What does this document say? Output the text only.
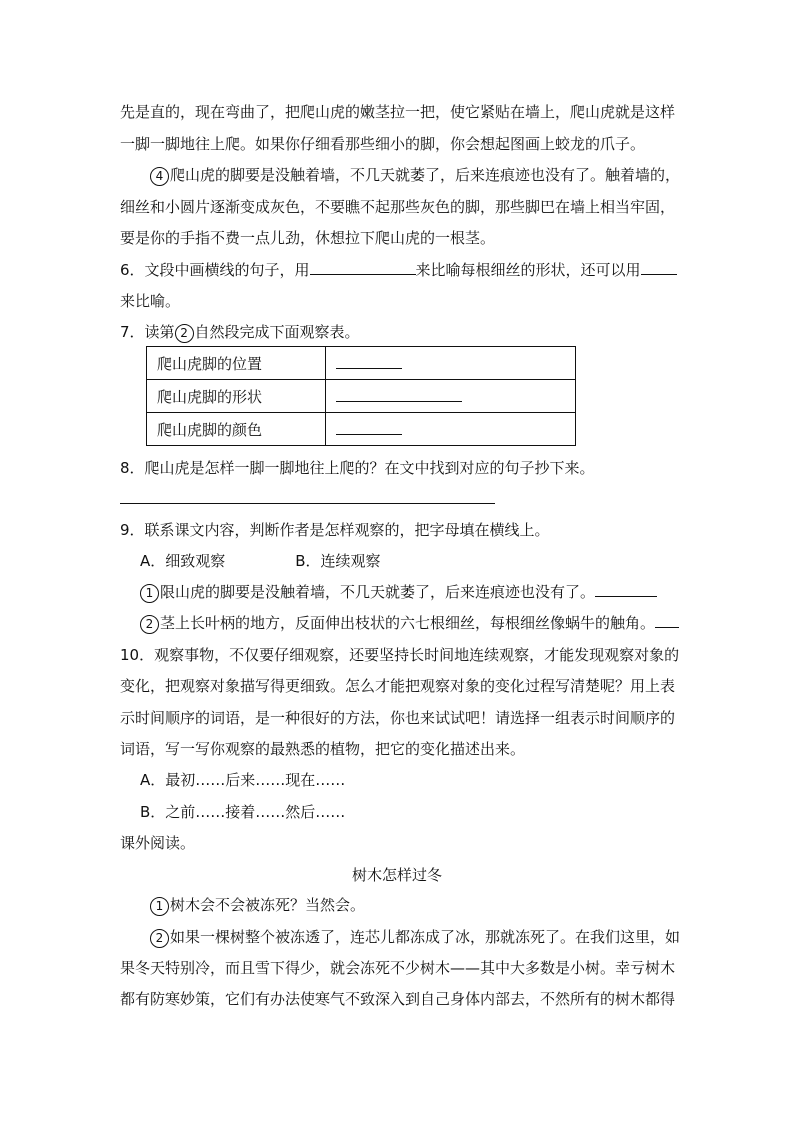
先是直的，现在弯曲了，把爬山虎的嫩茎拉一把，使它紧贴在墙上，爬山虎就是这样
一脚一脚地往上爬。如果你仔细看那些细小的脚，你会想起图画上蛟龙的爪子。
4 爬山虎的脚要是没触着墙，不几天就萎了，后来连痕迹也没有了。触着墙的，
细丝和小圆片逐渐变成灰色，不要瞧不起那些灰色的脚，那些脚巴在墙上相当牢固，
要是你的手指不费一点儿劲，休想拉下爬山虎的一根茎。
6．文段中画横线的句子，用	来比喻每根细丝的形状，还可以用
来比喻。
7．读第 2 自然段完成下面观察表。
爬山虎脚的位置	
爬山虎脚的形状	
爬山虎脚的颜色	
8．爬山虎是怎样一脚一脚地往上爬的？在文中找到对应的句子抄下来。
9．联系课文内容，判断作者是怎样观察的，把字母填在横线上。
A．细致观察	B．连续观察
1 限山虎的脚要是没触着墙，不几天就萎了，后来连痕迹也没有了。
2 茎上长叶柄的地方，反面伸出枝状的六七根细丝，每根细丝像蜗牛的触角。
10．观察事物，不仅要仔细观察，还要坚持长时间地连续观察，才能发现观察对象的
变化，把观察对象描写得更细致。怎么才能把观察对象的变化过程写清楚呢？用上表
示时间顺序的词语，是一种很好的方法，你也来试试吧！请选择一组表示时间顺序的
词语，写一写你观察的最熟悉的植物，把它的变化描述出来。
A．最初……后来……现在……
B．之前……接着……然后……
课外阅读。
树木怎样过冬
1 树木会不会被冻死？当然会。
2 如果一棵树整个被冻透了，连芯儿都冻成了冰，那就冻死了。在我们这里，如
果冬天特别冷，而且雪下得少，就会冻死不少树木——其中大多数是小树。幸亏树木
都有防寒妙策，它们有办法使寒气不致深入到自己身体内部去，不然所有的树木都得
